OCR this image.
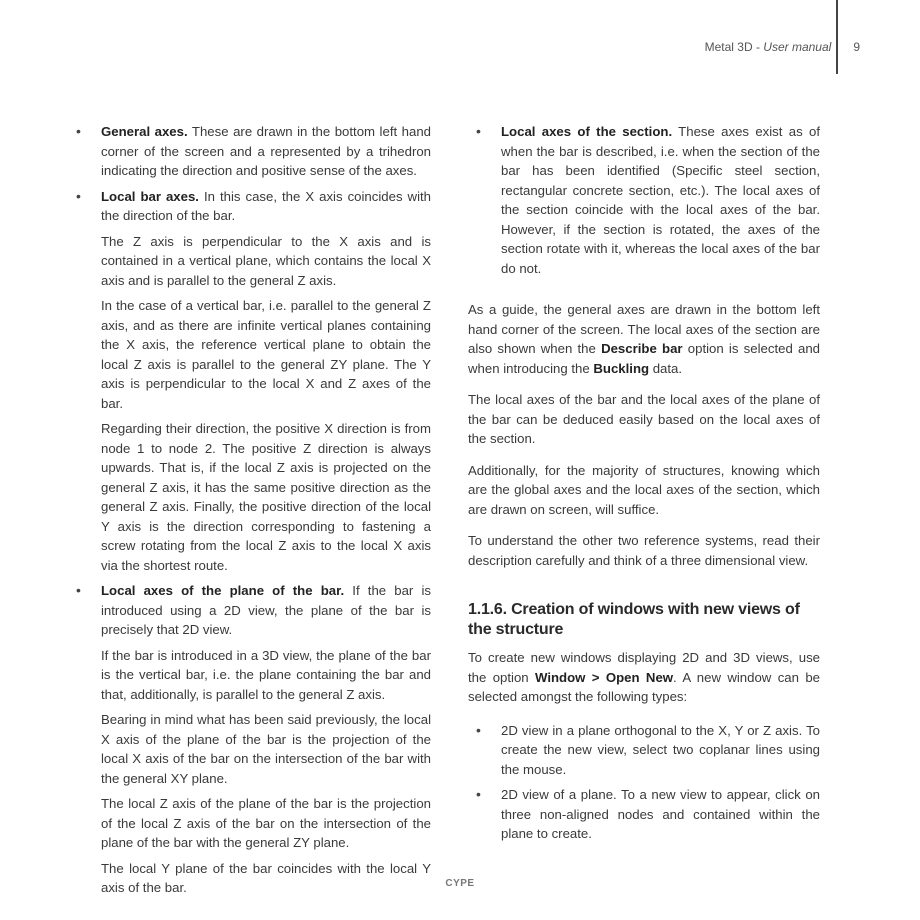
Metal 3D - User manual 9
• General axes. These are drawn in the bottom left hand corner of the screen and a represented by a trihedron indicating the direction and positive sense of the axes.
• Local bar axes. In this case, the X axis coincides with the direction of the bar.

The Z axis is perpendicular to the X axis and is contained in a vertical plane, which contains the local X axis and is parallel to the general Z axis.

In the case of a vertical bar, i.e. parallel to the general Z axis, and as there are infinite vertical planes containing the X axis, the reference vertical plane to obtain the local Z axis is parallel to the general ZY plane. The Y axis is perpendicular to the local X and Z axes of the bar.

Regarding their direction, the positive X direction is from node 1 to node 2. The positive Z direction is always upwards. That is, if the local Z axis is projected on the general Z axis, it has the same positive direction as the general Z axis. Finally, the positive direction of the local Y axis is the direction corresponding to fastening a screw rotating from the local Z axis to the local X axis via the shortest route.

• Local axes of the plane of the bar. If the bar is introduced using a 2D view, the plane of the bar is precisely that 2D view.

If the bar is introduced in a 3D view, the plane of the bar is the vertical bar, i.e. the plane containing the bar and that, additionally, is parallel to the general Z axis.

Bearing in mind what has been said previously, the local X axis of the plane of the bar is the projection of the local X axis of the bar on the intersection of the bar with the general XY plane.

The local Z axis of the plane of the bar is the projection of the local Z axis of the bar on the intersection of the plane of the bar with the general ZY plane.

The local Y plane of the bar coincides with the local Y axis of the bar.

• Local axes of the section. These axes exist as of when the bar is described, i.e. when the section of the bar has been identified (Specific steel section, rectangular concrete section, etc.). The local axes of the section coincide with the local axes of the bar. However, if the section is rotated, the axes of the section rotate with it, whereas the local axes of the bar do not.

As a guide, the general axes are drawn in the bottom left hand corner of the screen. The local axes of the section are also shown when the Describe bar option is selected and when introducing the Buckling data.

The local axes of the bar and the local axes of the plane of the bar can be deduced easily based on the local axes of the section.

Additionally, for the majority of structures, knowing which are the global axes and the local axes of the section, which are drawn on screen, will suffice.

To understand the other two reference systems, read their description carefully and think of a three dimensional view.

1.1.6. Creation of windows with new views of the structure

To create new windows displaying 2D and 3D views, use the option Window > Open New. A new window can be selected amongst the following types:

• 2D view in a plane orthogonal to the X, Y or Z axis. To create the new view, select two coplanar lines using the mouse.
• 2D view of a plane. To a new view to appear, click on three non-aligned nodes and contained within the plane to create.
CYPE
